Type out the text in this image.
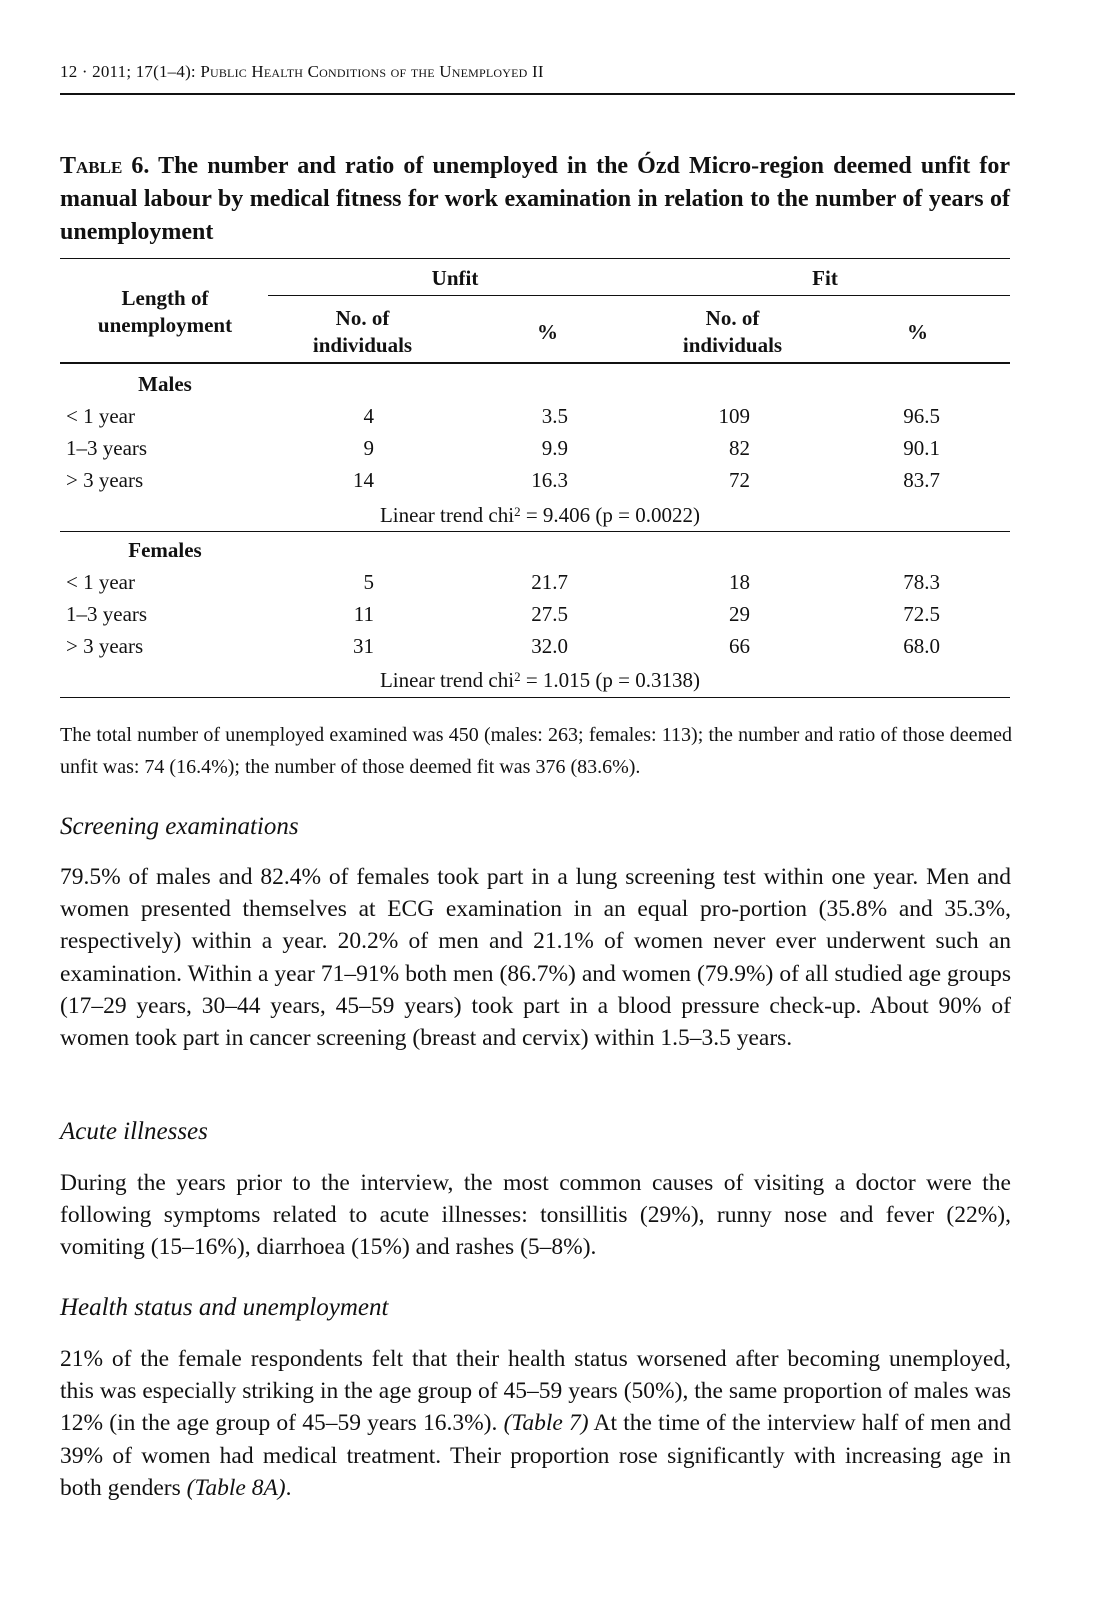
12 · 2011; 17(1–4): Public Health Conditions of the Unemployed II
Table 6. The number and ratio of unemployed in the Ózd Micro-region deemed unfit for manual labour by medical fitness for work examination in relation to the number of years of unemployment
Length of
unemployment
Unfit	Fit
No. of
individuals
%
No. of
individuals
%
Males
< 1 year	4	3.5	109	96.5
1–3 years	9	9.9	82	90.1
> 3 years	14	16.3	72	83.7
Linear trend chi$^2$ = 9.406 (p = 0.0022)
Females
< 1 year	5	21.7	18	78.3
1–3 years	11	27.5	29	72.5
> 3 years	31	32.0	66	68.0
Linear trend chi$^2$ = 1.015 (p = 0.3138)
The total number of unemployed examined was 450 (males: 263; females: 113); the number and ratio of those deemed unfit was: 74 (16.4%); the number of those deemed fit was 376 (83.6%).
Screening examinations
79.5% of males and 82.4% of females took part in a lung screening test within one year. Men and women presented themselves at ECG examination in an equal pro-portion (35.8% and 35.3%, respectively) within a year. 20.2% of men and 21.1% of women never ever underwent such an examination. Within a year 71–91% both men (86.7%) and women (79.9%) of all studied age groups (17–29 years, 30–44 years, 45–59 years) took part in a blood pressure check-up. About 90% of women took part in cancer screening (breast and cervix) within 1.5–3.5 years.
Acute illnesses
During the years prior to the interview, the most common causes of visiting a doctor were the following symptoms related to acute illnesses: tonsillitis (29%), runny nose and fever (22%), vomiting (15–16%), diarrhoea (15%) and rashes (5–8%).
Health status and unemployment
21% of the female respondents felt that their health status worsened after becoming unemployed, this was especially striking in the age group of 45–59 years (50%), the same proportion of males was 12% (in the age group of 45–59 years 16.3%). (Table 7) At the time of the interview half of men and 39% of women had medical treatment. Their proportion rose significantly with increasing age in both genders (Table 8A).
